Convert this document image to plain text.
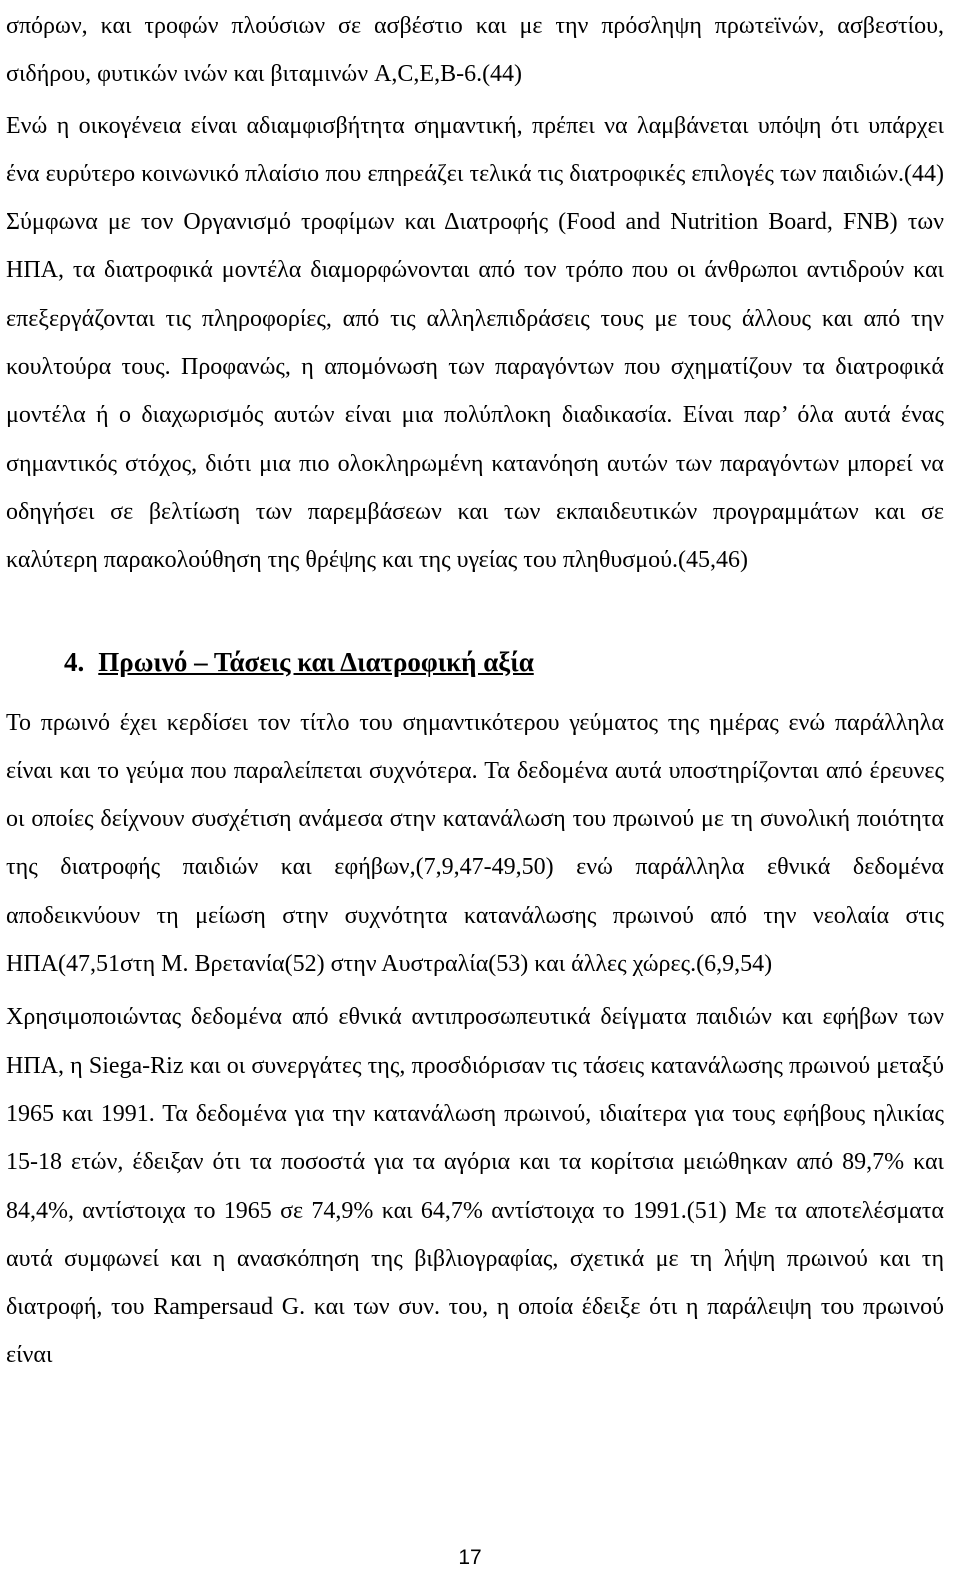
σπόρων, και τροφών πλούσιων σε ασβέστιο και με την πρόσληψη πρωτεϊνών, ασβεστίου, σιδήρου, φυτικών ινών και βιταμινών A,C,E,B-6.(44)

Ενώ η οικογένεια είναι αδιαμφισβήτητα σημαντική, πρέπει να λαμβάνεται υπόψη ότι υπάρχει ένα ευρύτερο κοινωνικό πλαίσιο που επηρεάζει τελικά τις διατροφικές επιλογές των παιδιών.(44) Σύμφωνα με τον Οργανισμό τροφίμων και Διατροφής (Food and Nutrition Board, FNB) των ΗΠΑ, τα διατροφικά μοντέλα διαμορφώνονται από τον τρόπο που οι άνθρωποι αντιδρούν και επεξεργάζονται τις πληροφορίες, από τις αλληλεπιδράσεις τους με τους άλλους και από την κουλτούρα τους. Προφανώς, η απομόνωση των παραγόντων που σχηματίζουν τα διατροφικά μοντέλα ή ο διαχωρισμός αυτών είναι μια πολύπλοκη διαδικασία. Είναι παρ’ όλα αυτά ένας σημαντικός στόχος, διότι μια πιο ολοκληρωμένη κατανόηση αυτών των παραγόντων μπορεί να οδηγήσει σε βελτίωση των παρεμβάσεων και των εκπαιδευτικών προγραμμάτων και σε καλύτερη παρακολούθηση της θρέψης και της υγείας του πληθυσμού.(45,46)

4. Πρωινό – Τάσεις και Διατροφική αξία

Το πρωινό έχει κερδίσει τον τίτλο του σημαντικότερου γεύματος της ημέρας ενώ παράλληλα είναι και το γεύμα που παραλείπεται συχνότερα. Τα δεδομένα αυτά υποστηρίζονται από έρευνες οι οποίες δείχνουν συσχέτιση ανάμεσα στην κατανάλωση του πρωινού με τη συνολική ποιότητα της διατροφής παιδιών και εφήβων,(7,9,47-49,50) ενώ παράλληλα εθνικά δεδομένα αποδεικνύουν τη μείωση στην συχνότητα κατανάλωσης πρωινού από την νεολαία στις ΗΠΑ(47,51στη Μ. Βρετανία(52) στην Αυστραλία(53) και άλλες χώρες.(6,9,54)

Χρησιμοποιώντας δεδομένα από εθνικά αντιπροσωπευτικά δείγματα παιδιών και εφήβων των ΗΠΑ, η Siega-Riz και οι συνεργάτες της, προσδιόρισαν τις τάσεις κατανάλωσης πρωινού μεταξύ 1965 και 1991. Τα δεδομένα για την κατανάλωση πρωινού, ιδιαίτερα για τους εφήβους ηλικίας 15-18 ετών, έδειξαν ότι τα ποσοστά για τα αγόρια και τα κορίτσια μειώθηκαν από 89,7% και 84,4%, αντίστοιχα το 1965 σε 74,9% και 64,7% αντίστοιχα το 1991.(51) Με τα αποτελέσματα αυτά συμφωνεί και η ανασκόπηση της βιβλιογραφίας, σχετικά με τη λήψη πρωινού και τη διατροφή, του Rampersaud G. και των συν. του, η οποία έδειξε ότι η παράλειψη του πρωινού είναι

17
